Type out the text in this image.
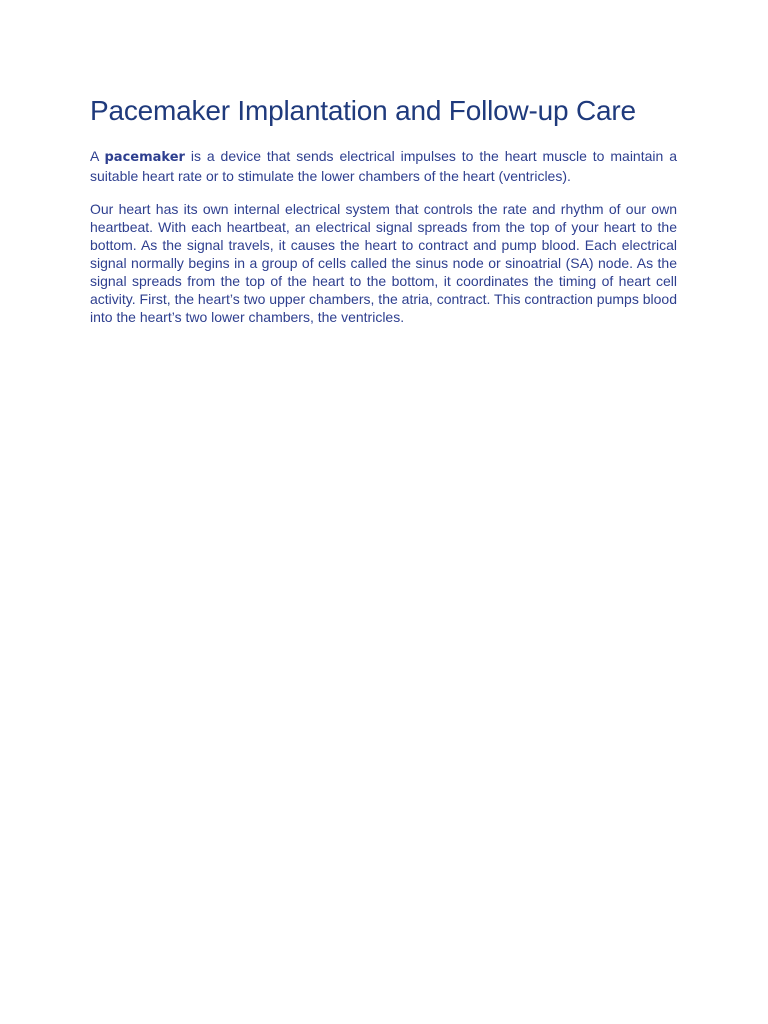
Pacemaker Implantation and Follow-up Care

A pacemaker is a device that sends electrical impulses to the heart muscle to maintain a suitable heart rate or to stimulate the lower chambers of the heart (ventricles).

Our heart has its own internal electrical system that controls the rate and rhythm of our own heartbeat. With each heartbeat, an electrical signal spreads from the top of your heart to the bottom. As the signal travels, it causes the heart to contract and pump blood. Each electrical signal normally begins in a group of cells called the sinus node or sinoatrial (SA) node. As the signal spreads from the top of the heart to the bottom, it coordinates the timing of heart cell activity. First, the heart’s two upper chambers, the atria, contract. This contraction pumps blood into the heart’s two lower chambers, the ventricles.
